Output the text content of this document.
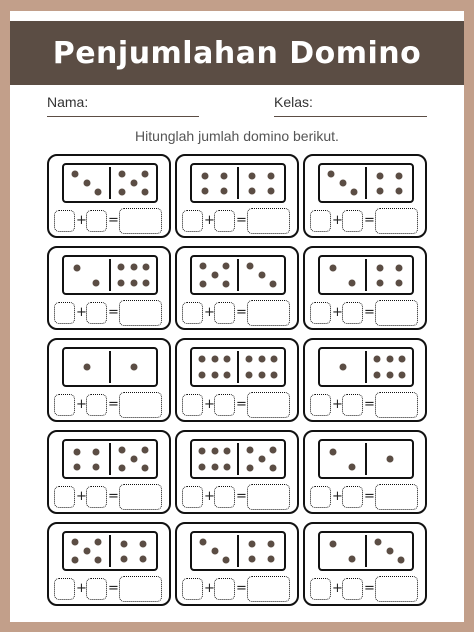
Penjumlahan Domino
Nama:	Kelas:
Hitunglah jumlah domino berikut.
+ =	+ =	+ =
+ =	+ =	+ =
+ =	+ =	+ =
+ =	+ =	+ =
+ =	+ =	+ =
